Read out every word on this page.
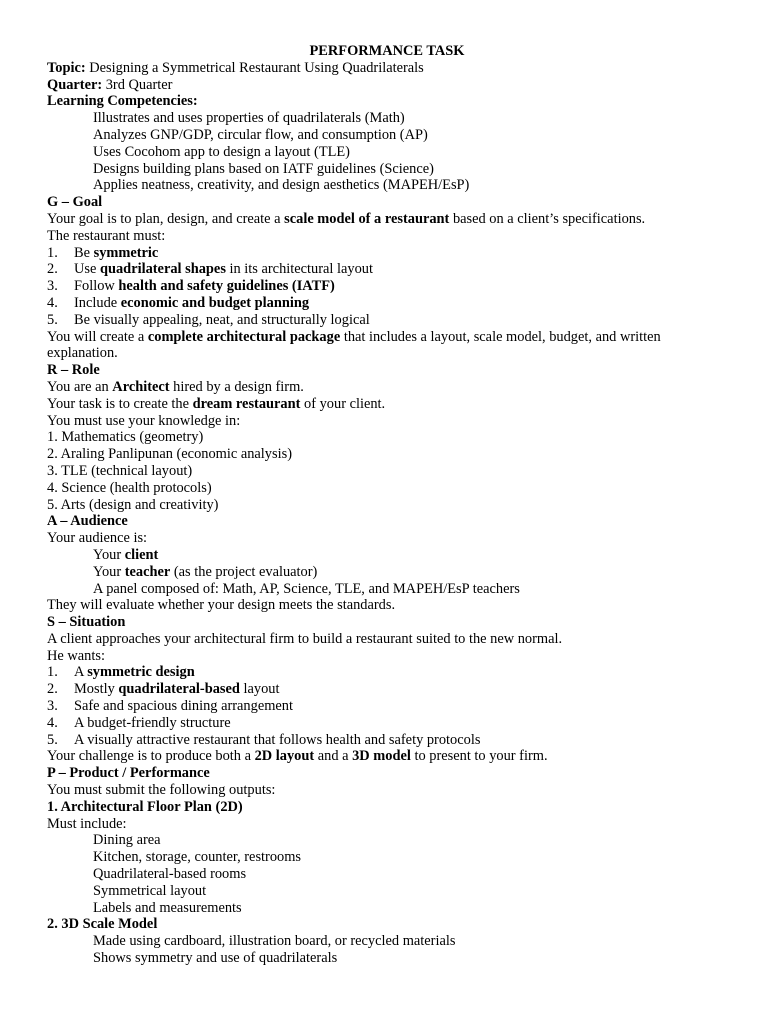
PERFORMANCE TASK
Topic: Designing a Symmetrical Restaurant Using Quadrilaterals
Quarter: 3rd Quarter
Learning Competencies:
Illustrates and uses properties of quadrilaterals (Math)
Analyzes GNP/GDP, circular flow, and consumption (AP)
Uses Cocohom app to design a layout (TLE)
Designs building plans based on IATF guidelines (Science)
Applies neatness, creativity, and design aesthetics (MAPEH/EsP)
G – Goal
Your goal is to plan, design, and create a scale model of a restaurant based on a client’s specifications.
The restaurant must:
1. Be symmetric
2. Use quadrilateral shapes in its architectural layout
3. Follow health and safety guidelines (IATF)
4. Include economic and budget planning
5. Be visually appealing, neat, and structurally logical
You will create a complete architectural package that includes a layout, scale model, budget, and written explanation.
R – Role
You are an Architect hired by a design firm.
Your task is to create the dream restaurant of your client.
You must use your knowledge in:
1. Mathematics (geometry)
2. Araling Panlipunan (economic analysis)
3. TLE (technical layout)
4. Science (health protocols)
5. Arts (design and creativity)
A – Audience
Your audience is:
Your client
Your teacher (as the project evaluator)
A panel composed of: Math, AP, Science, TLE, and MAPEH/EsP teachers
They will evaluate whether your design meets the standards.
S – Situation
A client approaches your architectural firm to build a restaurant suited to the new normal.
He wants:
1. A symmetric design
2. Mostly quadrilateral-based layout
3. Safe and spacious dining arrangement
4. A budget-friendly structure
5. A visually attractive restaurant that follows health and safety protocols
Your challenge is to produce both a 2D layout and a 3D model to present to your firm.
P – Product / Performance
You must submit the following outputs:
1. Architectural Floor Plan (2D)
Must include:
Dining area
Kitchen, storage, counter, restrooms
Quadrilateral-based rooms
Symmetrical layout
Labels and measurements
2. 3D Scale Model
Made using cardboard, illustration board, or recycled materials
Shows symmetry and use of quadrilaterals
